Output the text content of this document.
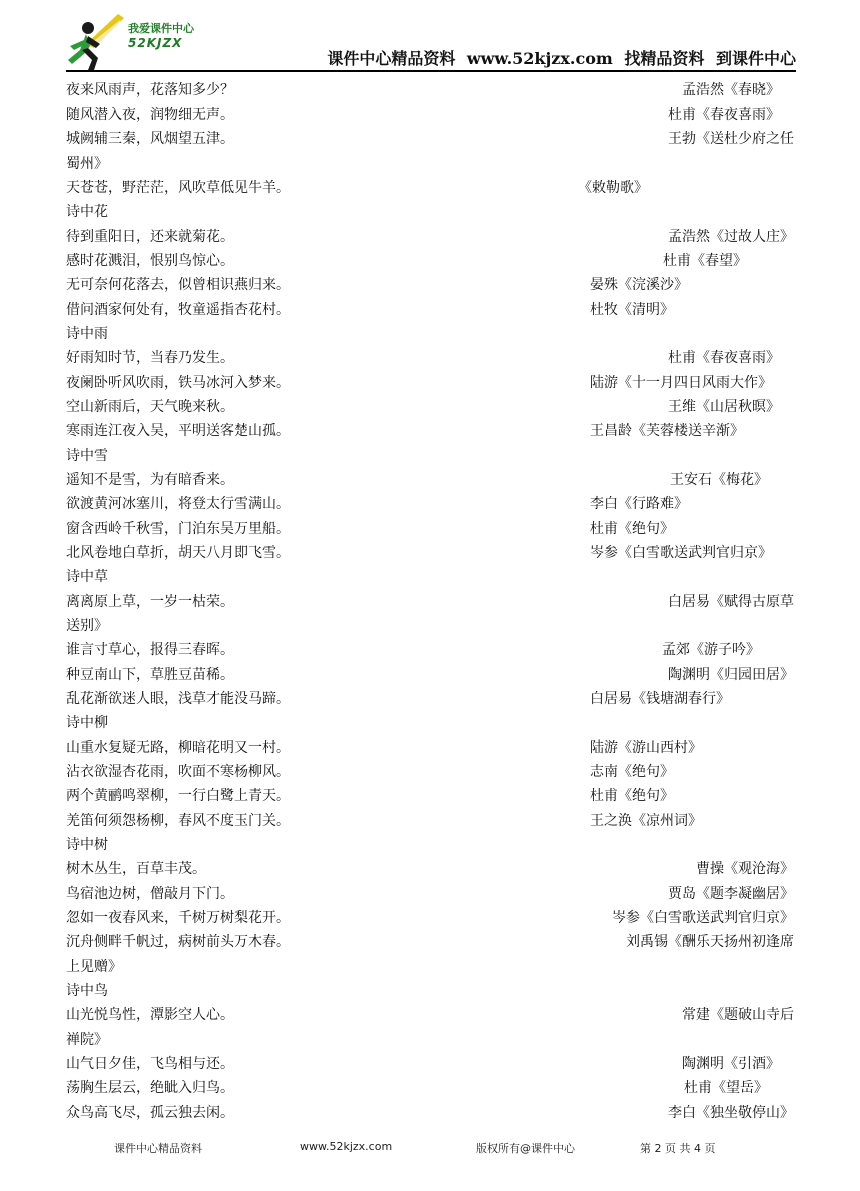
我爱课件中心
52KJZX
课件中心精品资料 www.52kjzx.com 找精品资料 到课件中心
夜来风雨声，花落知多少？	孟浩然《春晓》
随风潜入夜，润物细无声。	杜甫《春夜喜雨》
城阙辅三秦，风烟望五津。	王勃《送杜少府之任
蜀州》
天苍苍，野茫茫，风吹草低见牛羊。	《敕勒歌》
诗中花
待到重阳日，还来就菊花。	孟浩然《过故人庄》
感时花溅泪，恨别鸟惊心。	杜甫《春望》
无可奈何花落去，似曾相识燕归来。	晏殊《浣溪沙》
借问酒家何处有，牧童遥指杏花村。	杜牧《清明》
诗中雨
好雨知时节，当春乃发生。	杜甫《春夜喜雨》
夜阑卧听风吹雨，铁马冰河入梦来。	陆游《十一月四日风雨大作》
空山新雨后，天气晚来秋。	王维《山居秋暝》
寒雨连江夜入吴，平明送客楚山孤。	王昌龄《芙蓉楼送辛渐》
诗中雪
遥知不是雪，为有暗香来。	王安石《梅花》
欲渡黄河冰塞川，将登太行雪满山。	李白《行路难》
窗含西岭千秋雪，门泊东吴万里船。	杜甫《绝句》
北风卷地白草折，胡天八月即飞雪。	岑参《白雪歌送武判官归京》
诗中草
离离原上草，一岁一枯荣。	白居易《赋得古原草
送别》
谁言寸草心，报得三春晖。	孟郊《游子吟》
种豆南山下，草胜豆苗稀。	陶渊明《归园田居》
乱花渐欲迷人眼，浅草才能没马蹄。	白居易《钱塘湖春行》
诗中柳
山重水复疑无路，柳暗花明又一村。	陆游《游山西村》
沾衣欲湿杏花雨，吹面不寒杨柳风。	志南《绝句》
两个黄鹂鸣翠柳，一行白鹭上青天。	杜甫《绝句》
羌笛何须怨杨柳，春风不度玉门关。	王之涣《凉州词》
诗中树
树木丛生，百草丰茂。	曹操《观沧海》
鸟宿池边树，僧敲月下门。	贾岛《题李凝幽居》
忽如一夜春风来，千树万树梨花开。	岑参《白雪歌送武判官归京》
沉舟侧畔千帆过，病树前头万木春。	刘禹锡《酬乐天扬州初逢席
上见赠》
诗中鸟
山光悦鸟性，潭影空人心。	常建《题破山寺后
禅院》
山气日夕佳，飞鸟相与还。	陶渊明《引酒》
荡胸生层云，绝眦入归鸟。	杜甫《望岳》
众鸟高飞尽，孤云独去闲。	李白《独坐敬停山》
课件中心精品资料	www.52kjzx.com	版权所有@课件中心	第 2 页 共 4 页
